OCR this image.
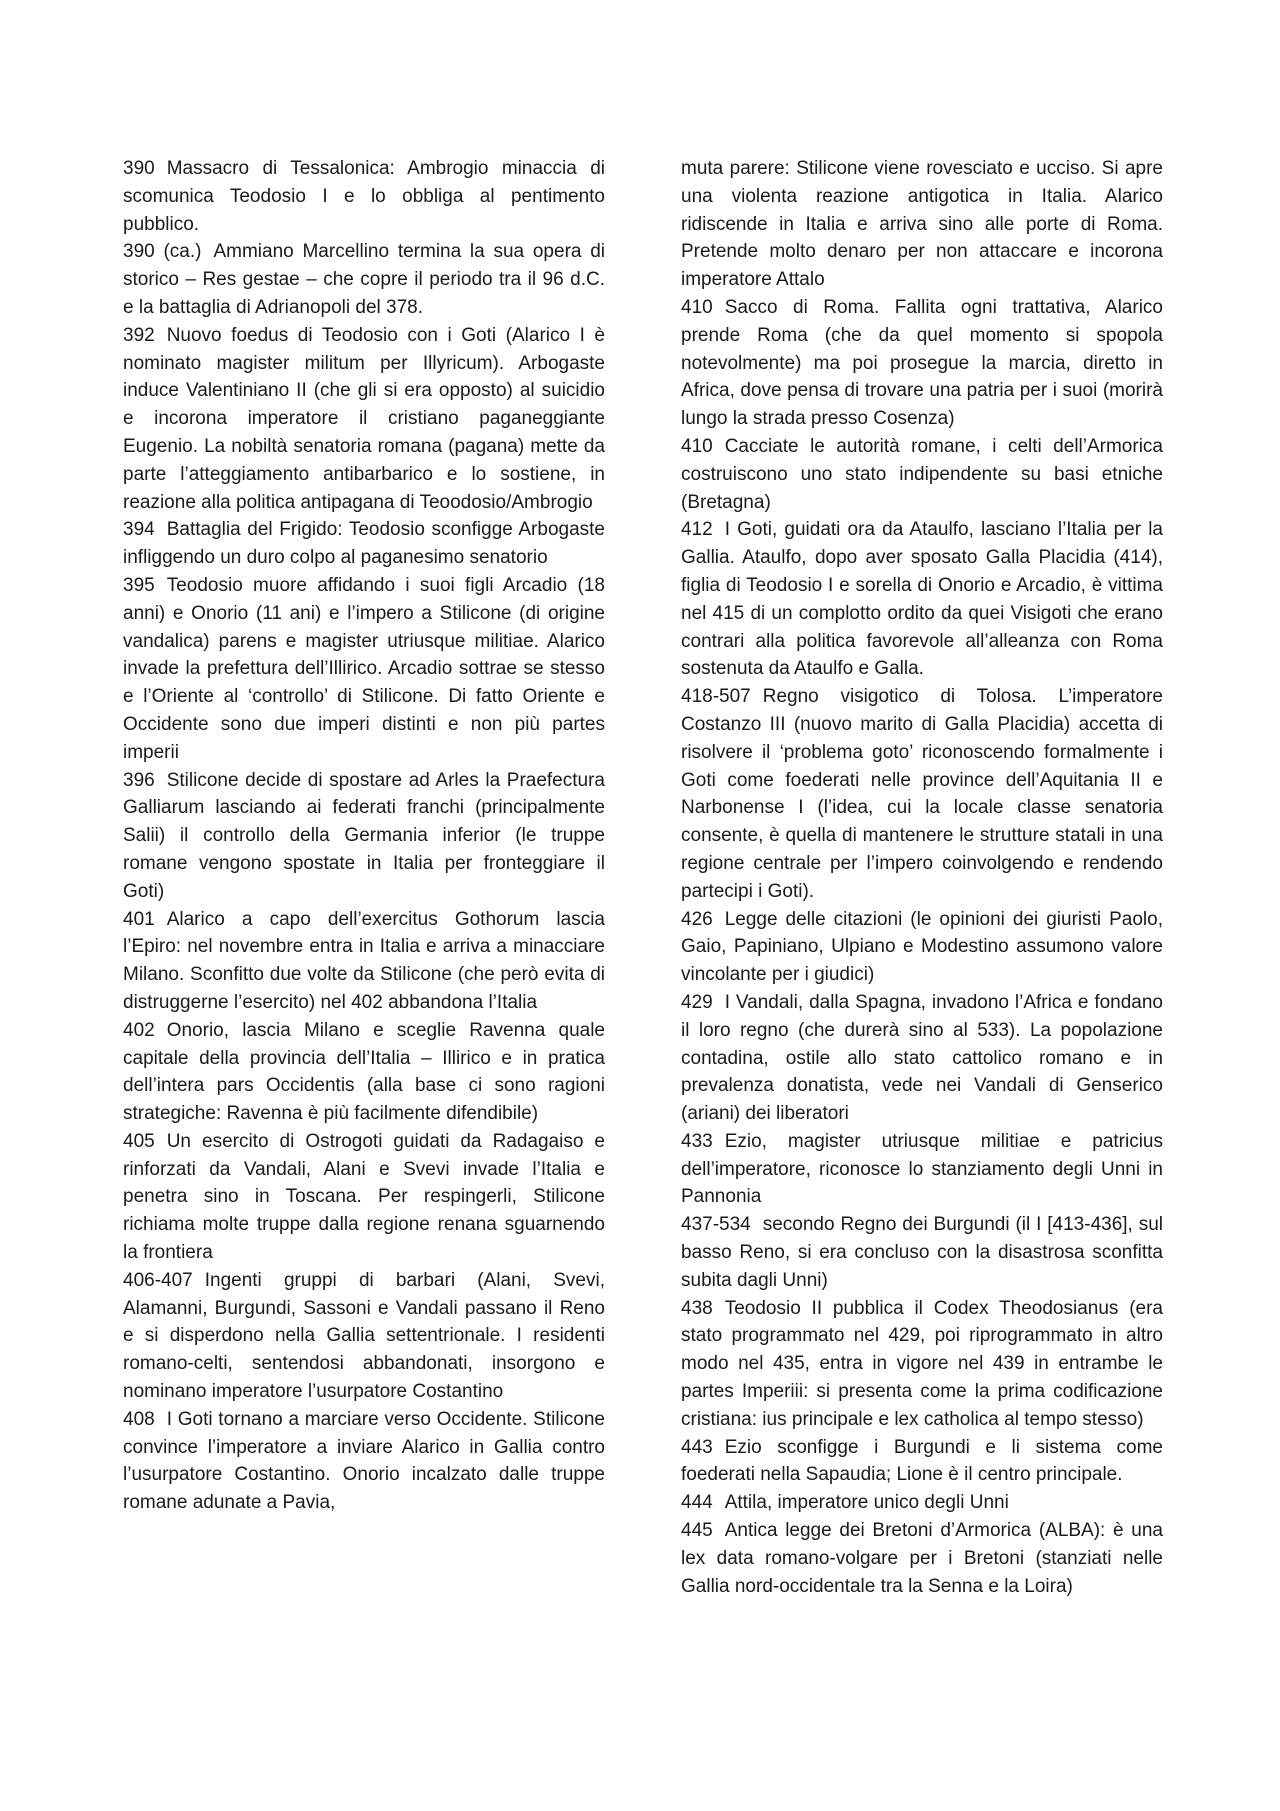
390 Massacro di Tessalonica: Ambrogio minaccia di scomunica Teodosio I e lo obbliga al pentimento pubblico.

390 (ca.) Ammiano Marcellino termina la sua opera di storico – Res gestae – che copre il periodo tra il 96 d.C. e la battaglia di Adrianopoli del 378.

392 Nuovo foedus di Teodosio con i Goti (Alarico I è nominato magister militum per Illyricum). Arbogaste induce Valentiniano II (che gli si era opposto) al suicidio e incorona imperatore il cristiano paganeggiante Eugenio. La nobiltà senatoria romana (pagana) mette da parte l’atteggiamento antibarbarico e lo sostiene, in reazione alla politica antipagana di Teoodosio/Ambrogio

394 Battaglia del Frigido: Teodosio sconfigge Arbogaste infliggendo un duro colpo al paganesimo senatorio

395 Teodosio muore affidando i suoi figli Arcadio (18 anni) e Onorio (11 ani) e l’impero a Stilicone (di origine vandalica) parens e magister utriusque militiae. Alarico invade la prefettura dell’Illirico. Arcadio sottrae se stesso e l’Oriente al ‘controllo’ di Stilicone. Di fatto Oriente e Occidente sono due imperi distinti e non più partes imperii

396 Stilicone decide di spostare ad Arles la Praefectura Galliarum lasciando ai federati franchi (principalmente Salii) il controllo della Germania inferior (le truppe romane vengono spostate in Italia per fronteggiare il Goti)

401 Alarico a capo dell’exercitus Gothorum lascia l’Epiro: nel novembre entra in Italia e arriva a minacciare Milano. Sconfitto due volte da Stilicone (che però evita di distruggerne l’esercito) nel 402 abbandona l’Italia

402 Onorio, lascia Milano e sceglie Ravenna quale capitale della provincia dell’Italia – Illirico e in pratica dell’intera pars Occidentis (alla base ci sono ragioni strategiche: Ravenna è più facilmente difendibile)

405 Un esercito di Ostrogoti guidati da Radagaiso e rinforzati da Vandali, Alani e Svevi invade l’Italia e penetra sino in Toscana. Per respingerli, Stilicone richiama molte truppe dalla regione renana sguarnendo la frontiera

406-407 Ingenti gruppi di barbari (Alani, Svevi, Alamanni, Burgundi, Sassoni e Vandali passano il Reno e si disperdono nella Gallia settentrionale. I residenti romano-celti, sentendosi abbandonati, insorgono e nominano imperatore l’usurpatore Costantino

408 I Goti tornano a marciare verso Occidente. Stilicone convince l’imperatore a inviare Alarico in Gallia contro l’usurpatore Costantino. Onorio incalzato dalle truppe romane adunate a Pavia,

muta parere: Stilicone viene rovesciato e ucciso. Si apre una violenta reazione antigotica in Italia. Alarico ridiscende in Italia e arriva sino alle porte di Roma. Pretende molto denaro per non attaccare e incorona imperatore Attalo

410 Sacco di Roma. Fallita ogni trattativa, Alarico prende Roma (che da quel momento si spopola notevolmente) ma poi prosegue la marcia, diretto in Africa, dove pensa di trovare una patria per i suoi (morirà lungo la strada presso Cosenza)

410 Cacciate le autorità romane, i celti dell’Armorica costruiscono uno stato indipendente su basi etniche (Bretagna)

412 I Goti, guidati ora da Ataulfo, lasciano l’Italia per la Gallia. Ataulfo, dopo aver sposato Galla Placidia (414), figlia di Teodosio I e sorella di Onorio e Arcadio, è vittima nel 415 di un complotto ordito da quei Visigoti che erano contrari alla politica favorevole all’alleanza con Roma sostenuta da Ataulfo e Galla.

418-507 Regno visigotico di Tolosa. L’imperatore Costanzo III (nuovo marito di Galla Placidia) accetta di risolvere il ‘problema goto’ riconoscendo formalmente i Goti come foederati nelle province dell’Aquitania II e Narbonense I (l’idea, cui la locale classe senatoria consente, è quella di mantenere le strutture statali in una regione centrale per l’impero coinvolgendo e rendendo partecipi i Goti).

426 Legge delle citazioni (le opinioni dei giuristi Paolo, Gaio, Papiniano, Ulpiano e Modestino assumono valore vincolante per i giudici)

429 I Vandali, dalla Spagna, invadono l’Africa e fondano il loro regno (che durerà sino al 533). La popolazione contadina, ostile allo stato cattolico romano e in prevalenza donatista, vede nei Vandali di Genserico (ariani) dei liberatori

433 Ezio, magister utriusque militiae e patricius dell’imperatore, riconosce lo stanziamento degli Unni in Pannonia

437-534 secondo Regno dei Burgundi (il I [413-436], sul basso Reno, si era concluso con la disastrosa sconfitta subita dagli Unni)

438 Teodosio II pubblica il Codex Theodosianus (era stato programmato nel 429, poi riprogrammato in altro modo nel 435, entra in vigore nel 439 in entrambe le partes Imperiii: si presenta come la prima codificazione cristiana: ius principale e lex catholica al tempo stesso)

443 Ezio sconfigge i Burgundi e li sistema come foederati nella Sapaudia; Lione è il centro principale.

444 Attila, imperatore unico degli Unni

445 Antica legge dei Bretoni d’Armorica (ALBA): è una lex data romano-volgare per i Bretoni (stanziati nelle Gallia nord-occidentale tra la Senna e la Loira)
